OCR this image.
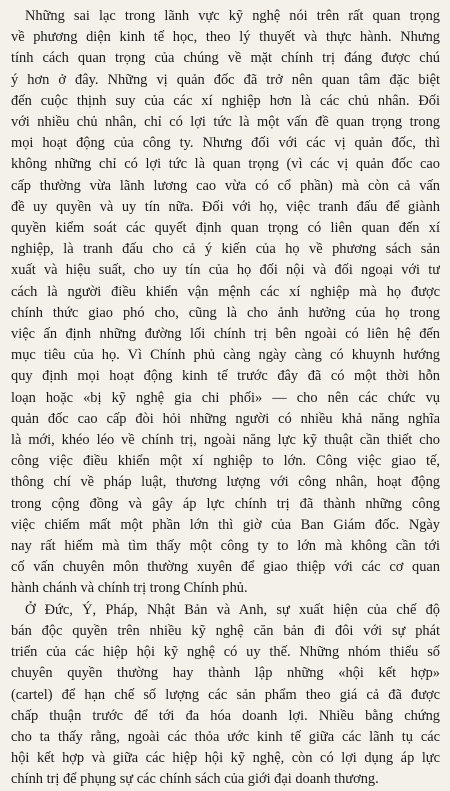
Những sai lạc trong lãnh vực kỹ nghệ nói trên rất quan trọng
về phương diện kinh tế học, theo lý thuyết và thực hành. Nhưng
tính cách quan trọng của chúng về mặt chính trị đáng được chú
ý hơn ở đây. Những vị quản đốc đã trở nên quan tâm đặc biệt
đến cuộc thịnh suy của các xí nghiệp hơn là các chủ nhân. Đối
với nhiều chủ nhân, chỉ có lợi tức là một vấn đề quan trọng trong
mọi hoạt động của công ty. Nhưng đối với các vị quản đốc, thì
không những chỉ có lợi tức là quan trọng (vì các vị quản đốc cao
cấp thường vừa lãnh lương cao vừa có cổ phần) mà còn cả vấn
đề uy quyền và uy tín nữa. Đối với họ, việc tranh đấu để giành
quyền kiểm soát các quyết định quan trọng có liên quan đến xí
nghiệp, là tranh đấu cho cả ý kiến của họ về phương sách sản
xuất và hiệu suất, cho uy tín của họ đối nội và đối ngoại với tư
cách là người điều khiển vận mệnh các xí nghiệp mà họ được
chính thức giao phó cho, cũng là cho ảnh hưởng của họ trong
việc ấn định những đường lối chính trị bên ngoài có liên hệ đến
mục tiêu của họ. Vì Chính phủ càng ngày càng có khuynh hướng
quy định mọi hoạt động kinh tế trước đây đã có một thời hỗn
loạn hoặc «bị kỹ nghệ gia chi phối» — cho nên các chức vụ
quản đốc cao cấp đòi hỏi những người có nhiều khả năng nghĩa
là mới, khéo léo về chính trị, ngoài năng lực kỹ thuật cần thiết cho
công việc điều khiển một xí nghiệp to lớn. Công việc giao tế,
thông chí về pháp luật, thương lượng với công nhân, hoạt động
trong cộng đồng và gây áp lực chính trị đã thành những công
việc chiếm mất một phần lớn thì giờ của Ban Giám đốc. Ngày
nay rất hiếm mà tìm thấy một công ty to lớn mà không cần tới
cố vấn chuyên môn thường xuyên để giao thiệp với các cơ quan
hành chánh và chính trị trong Chính phủ.

Ở Đức, Ý, Pháp, Nhật Bản và Anh, sự xuất hiện của chế độ
bán độc quyền trên nhiều kỹ nghệ căn bản đi đôi với sự phát
triển của các hiệp hội kỹ nghệ có uy thế. Những nhóm thiểu số
chuyên quyền thường hay thành lập những «hội kết hợp»
(cartel) để hạn chế số lượng các sản phẩm theo giá cả đã được
chấp thuận trước để tới đa hóa doanh lợi. Nhiều bằng chứng
cho ta thấy rằng, ngoài các thỏa ước kinh tế giữa các lãnh tụ các
hội kết hợp và giữa các hiệp hội kỹ nghệ, còn có lợi dụng áp lực
chính trị để phụng sự các chính sách của giới đại doanh thương.
